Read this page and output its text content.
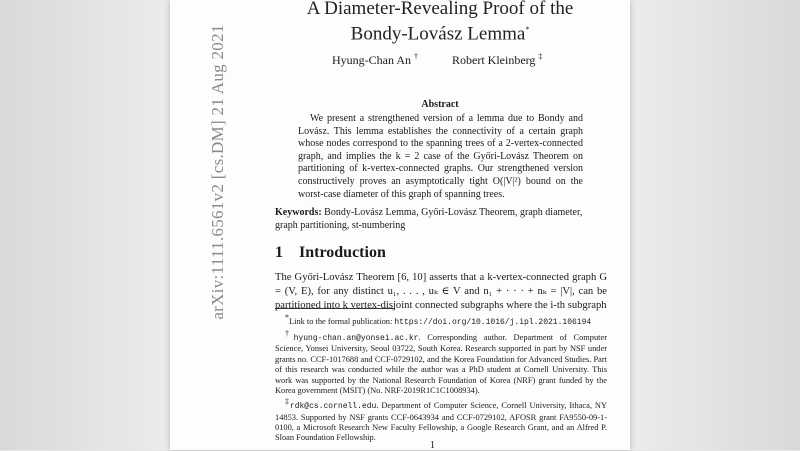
arXiv:1111.6561v2 [cs.DM] 21 Aug 2021
A Diameter-Revealing Proof of the
Bondy-Lovász Lemma*
Hyung-Chan An †	Robert Kleinberg ‡
Abstract
We present a strengthened version of a lemma due to Bondy and Lovász. This lemma establishes the connectivity of a certain graph whose nodes correspond to the spanning trees of a 2-vertex-connected graph, and implies the k = 2 case of the Győri-Lovász Theorem on partitioning of k-vertex-connected graphs. Our strengthened version constructively proves an asymptotically tight O(|V|²) bound on the worst-case diameter of this graph of spanning trees.
Keywords: Bondy-Lovász Lemma, Győri-Lovász Theorem, graph diameter, graph partitioning, st-numbering
1 Introduction
The Győri-Lovász Theorem [6, 10] asserts that a k-vertex-connected graph G = (V, E), for any distinct u₁, . . . , uₖ ∈ V and n₁ + · · · + nₖ = |V|, can be partitioned into k vertex-disjoint connected subgraphs where the i-th subgraph

*Link to the formal publication: https://doi.org/10.1016/j.ipl.2021.106194

†hyung-chan.an@yonsei.ac.kr. Corresponding author. Department of Computer Science, Yonsei University, Seoul 03722, South Korea. Research supported in part by NSF under grants no. CCF-1017688 and CCF-0729102, and the Korea Foundation for Advanced Studies. Part of this research was conducted while the author was a PhD student at Cornell University. This work was supported by the National Research Foundation of Korea (NRF) grant funded by the Korea government (MSIT) (No. NRF-2019R1C1C1008934).

‡rdk@cs.cornell.edu. Department of Computer Science, Cornell University, Ithaca, NY 14853. Supported by NSF grants CCF-0643934 and CCF-0729102, AFOSR grant FA9550-09-1-0100, a Microsoft Research New Faculty Fellowship, a Google Research Grant, and an Alfred P. Sloan Foundation Fellowship.

1
